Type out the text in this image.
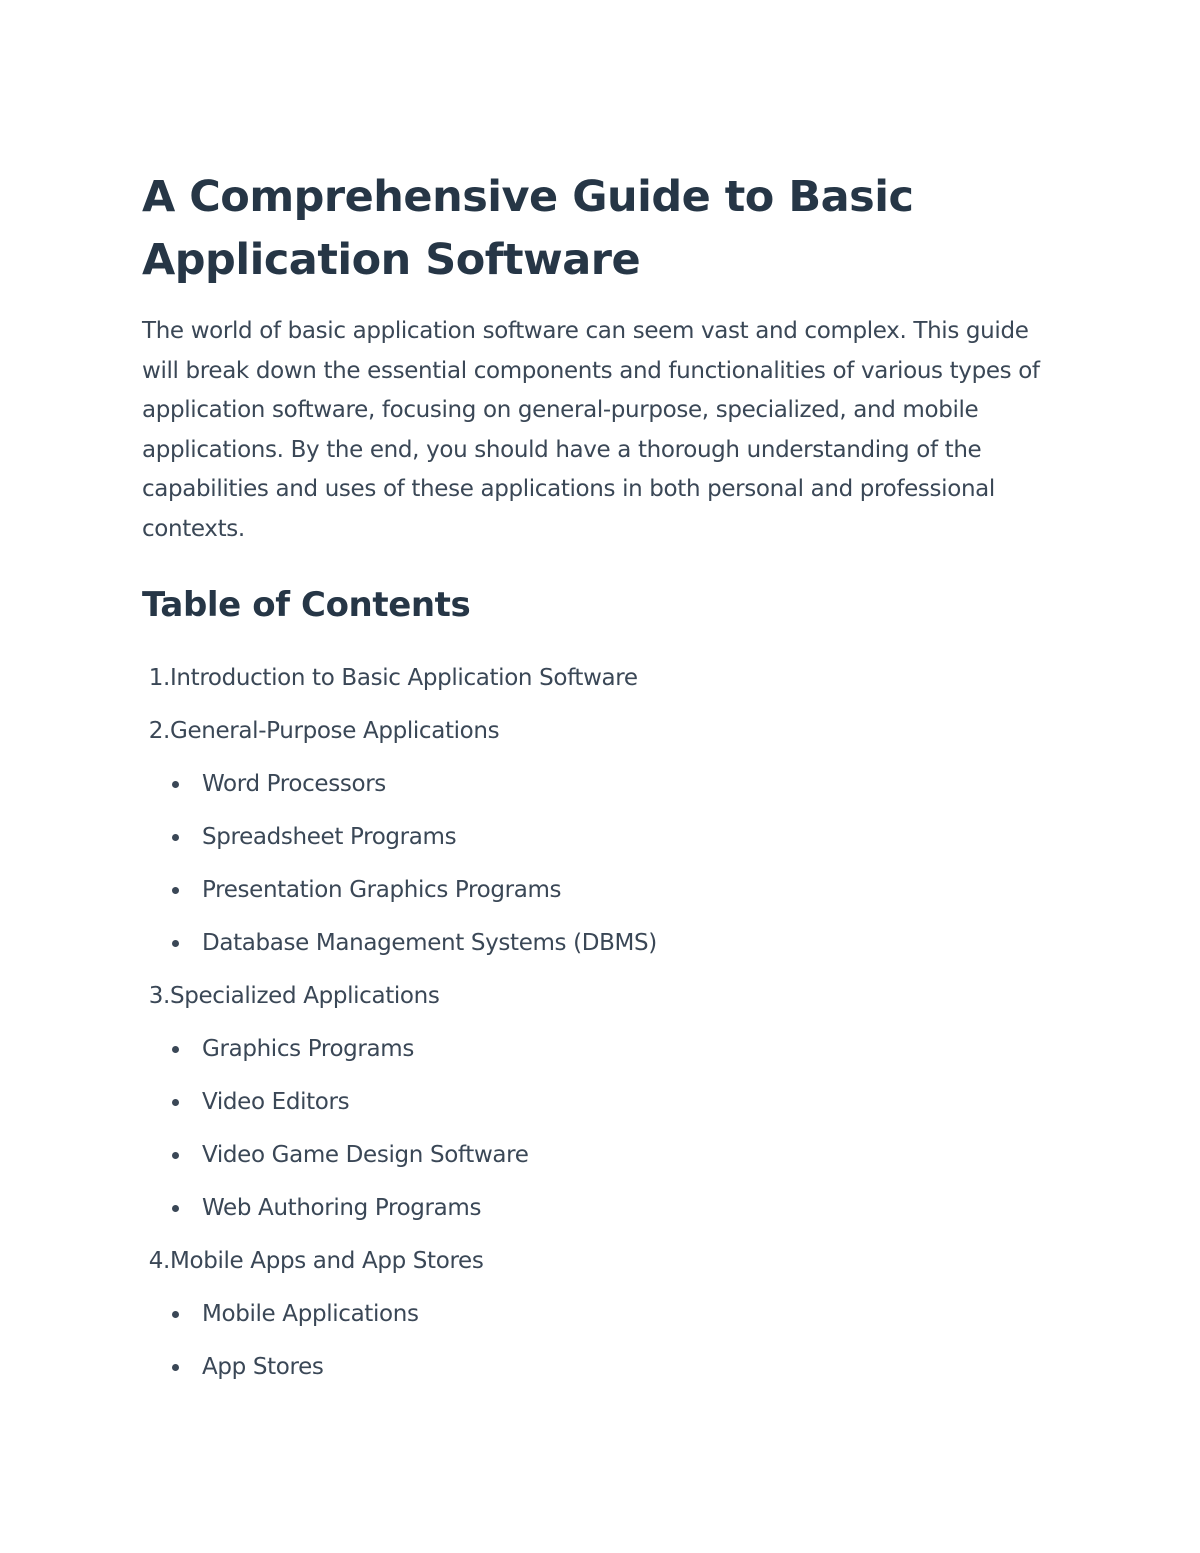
A Comprehensive Guide to Basic Application Software

The world of basic application software can seem vast and complex. This guide will break down the essential components and functionalities of various types of application software, focusing on general-purpose, specialized, and mobile applications. By the end, you should have a thorough understanding of the capabilities and uses of these applications in both personal and professional contexts.

Table of Contents
1. Introduction to Basic Application Software
2. General-Purpose Applications
Word Processors
Spreadsheet Programs
Presentation Graphics Programs
Database Management Systems (DBMS)
3. Specialized Applications
Graphics Programs
Video Editors
Video Game Design Software
Web Authoring Programs
4. Mobile Apps and App Stores
Mobile Applications
App Stores
